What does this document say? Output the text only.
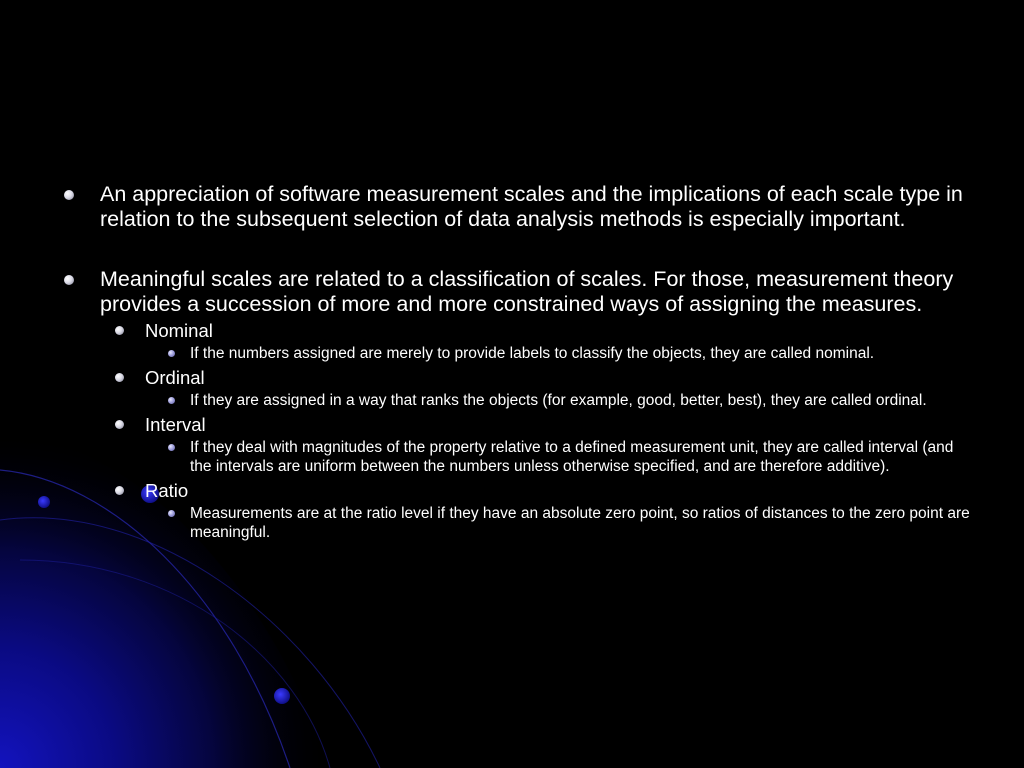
An appreciation of software measurement scales and the implications of each scale type in relation to the subsequent selection of data analysis methods is especially important.
Meaningful scales are related to a classification of scales. For those, measurement theory provides a succession of more and more constrained ways of assigning the measures.
Nominal
If the numbers assigned are merely to provide labels to classify the objects, they are called nominal.
Ordinal
If they are assigned in a way that ranks the objects (for example, good, better, best), they are called ordinal.
Interval
If they deal with magnitudes of the property relative to a defined measurement unit, they are called interval (and the intervals are uniform between the numbers unless otherwise specified, and are therefore additive).
Ratio
Measurements are at the ratio level if they have an absolute zero point, so ratios of distances to the zero point are meaningful.
